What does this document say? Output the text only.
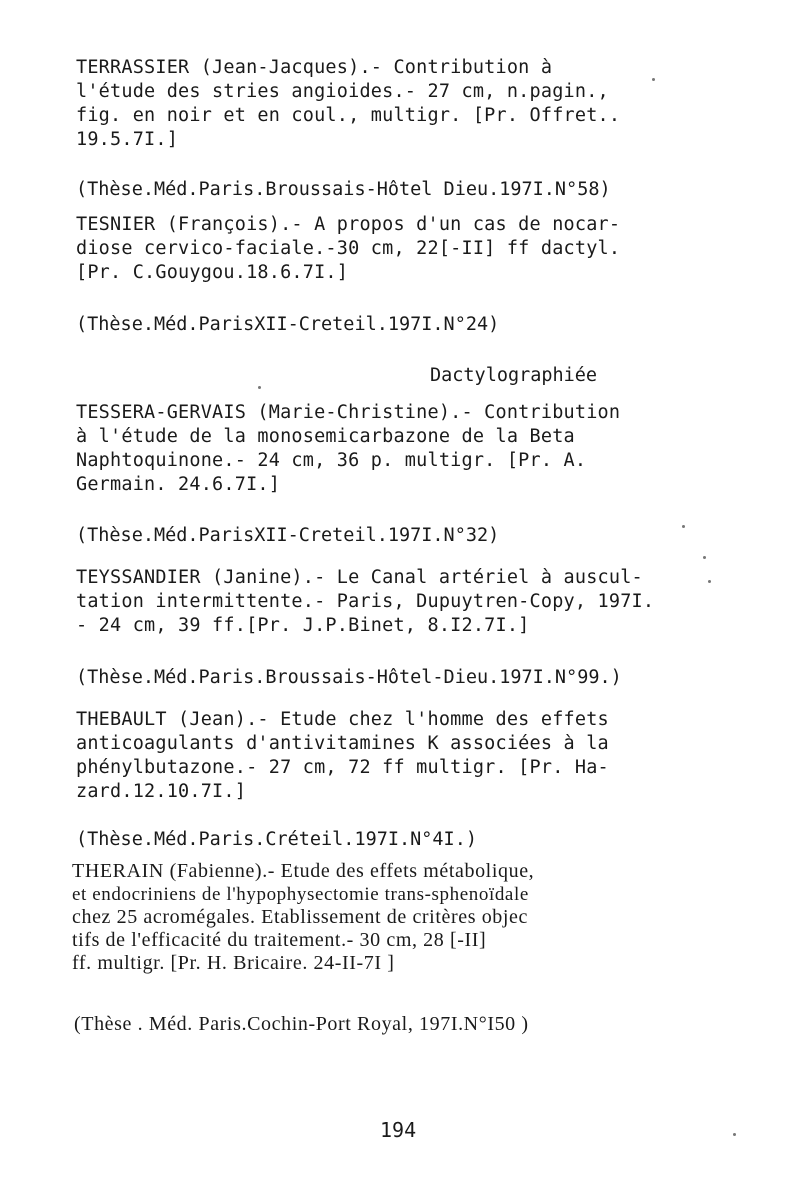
TERRASSIER (Jean-Jacques).- Contribution à
l'étude des stries angioides.- 27 cm, n.pagin.,
fig. en noir et en coul., multigr. [Pr. Offret..
19.5.7I.]
(Thèse.Méd.Paris.Broussais-Hôtel Dieu.197I.N°58)
TESNIER (François).- A propos d'un cas de nocar-
diose cervico-faciale.-30 cm, 22[-II] ff dactyl.
[Pr. C.Gouygou.18.6.7I.]
(Thèse.Méd.ParisXII-Creteil.197I.N°24)
Dactylographiée
TESSERA-GERVAIS (Marie-Christine).- Contribution
à l'étude de la monosemicarbazone de la Beta
Naphtoquinone.- 24 cm, 36 p. multigr. [Pr. A.
Germain. 24.6.7I.]
(Thèse.Méd.ParisXII-Creteil.197I.N°32)
TEYSSANDIER (Janine).- Le Canal artériel à auscul-
tation intermittente.- Paris, Dupuytren-Copy, 197I.
- 24 cm, 39 ff.[Pr. J.P.Binet, 8.I2.7I.]
(Thèse.Méd.Paris.Broussais-Hôtel-Dieu.197I.N°99.)
THEBAULT (Jean).- Etude chez l'homme des effets
anticoagulants d'antivitamines K associées à la
phénylbutazone.- 27 cm, 72 ff multigr. [Pr. Ha-
zard.12.10.7I.]
(Thèse.Méd.Paris.Créteil.197I.N°4I.)
THERAIN (Fabienne).- Etude des effets métabolique,
et endocriniens de l'hypophysectomie trans-sphenoïdale
chez 25 acromégales. Etablissement de critères objec
tifs de l'efficacité du traitement.- 30 cm, 28 [-II]
ff. multigr. [Pr. H. Bricaire. 24-II-7I ]
(Thèse . Méd. Paris.Cochin-Port Royal, 197I.N°I50 )
194
